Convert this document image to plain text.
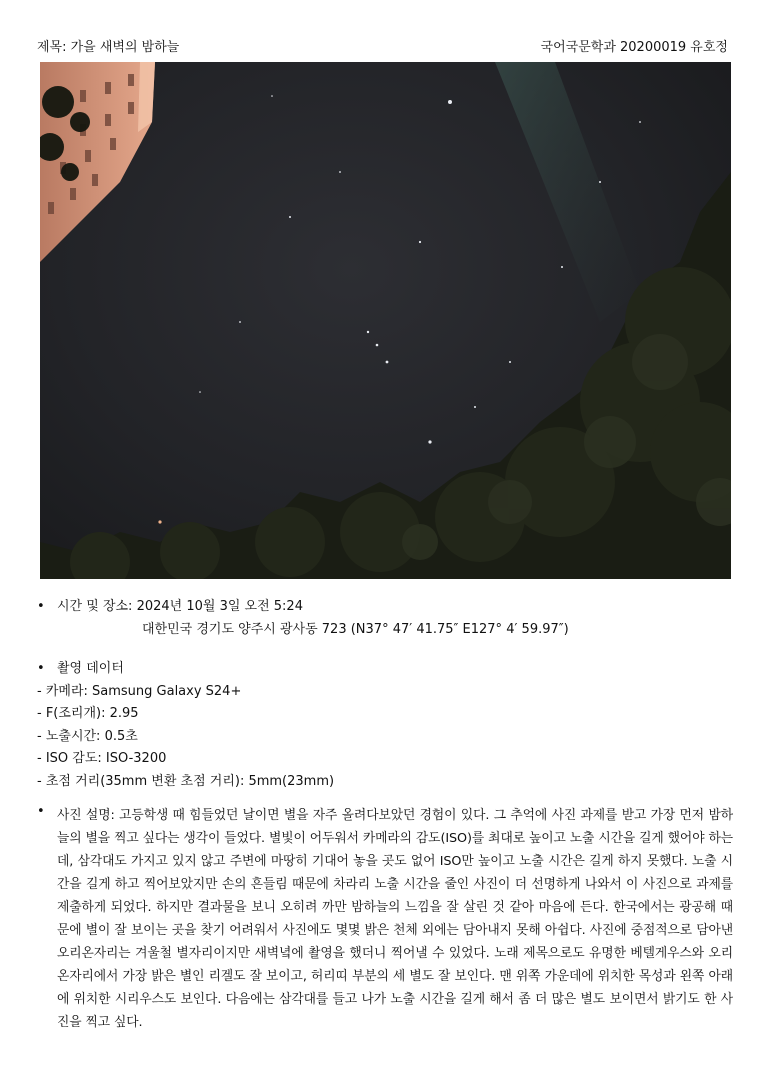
제목: 가을 새벽의 밤하늘	국어국문학과 20200019 유호정
• 시간 및 장소: 2024년 10월 3일 오전 5:24
대한민국 경기도 양주시 광사동 723 (N37° 47′ 41.75″ E127° 4′ 59.97″)
• 촬영 데이터
- 카메라: Samsung Galaxy S24+
- F(조리개): 2.95
- 노출시간: 0.5초
- ISO 감도: ISO-3200
- 초점 거리(35mm 변환 초점 거리): 5mm(23mm)
• 사진 설명: 고등학생 때 힘들었던 날이면 별을 자주 올려다보았던 경험이 있다. 그 추억에 사진 과제를 받고 가장 먼저 밤하늘의 별을 찍고 싶다는 생각이 들었다. 별빛이 어두워서 카메라의 감도(ISO)를 최대로 높이고 노출 시간을 길게 했어야 하는데, 삼각대도 가지고 있지 않고 주변에 마땅히 기대어 놓을 곳도 없어 ISO만 높이고 노출 시간은 길게 하지 못했다. 노출 시간을 길게 하고 찍어보았지만 손의 흔들림 때문에 차라리 노출 시간을 줄인 사진이 더 선명하게 나와서 이 사진으로 과제를 제출하게 되었다. 하지만 결과물을 보니 오히려 까만 밤하늘의 느낌을 잘 살린 것 같아 마음에 든다. 한국에서는 광공해 때문에 별이 잘 보이는 곳을 찾기 어려워서 사진에도 몇몇 밝은 천체 외에는 담아내지 못해 아쉽다. 사진에 중점적으로 담아낸 오리온자리는 겨울철 별자리이지만 새벽녘에 촬영을 했더니 찍어낼 수 있었다. 노래 제목으로도 유명한 베텔게우스와 오리온자리에서 가장 밝은 별인 리겔도 잘 보이고, 허리띠 부분의 세 별도 잘 보인다. 맨 위쪽 가운데에 위치한 목성과 왼쪽 아래에 위치한 시리우스도 보인다. 다음에는 삼각대를 들고 나가 노출 시간을 길게 해서 좀 더 많은 별도 보이면서 밝기도 한 사진을 찍고 싶다.
